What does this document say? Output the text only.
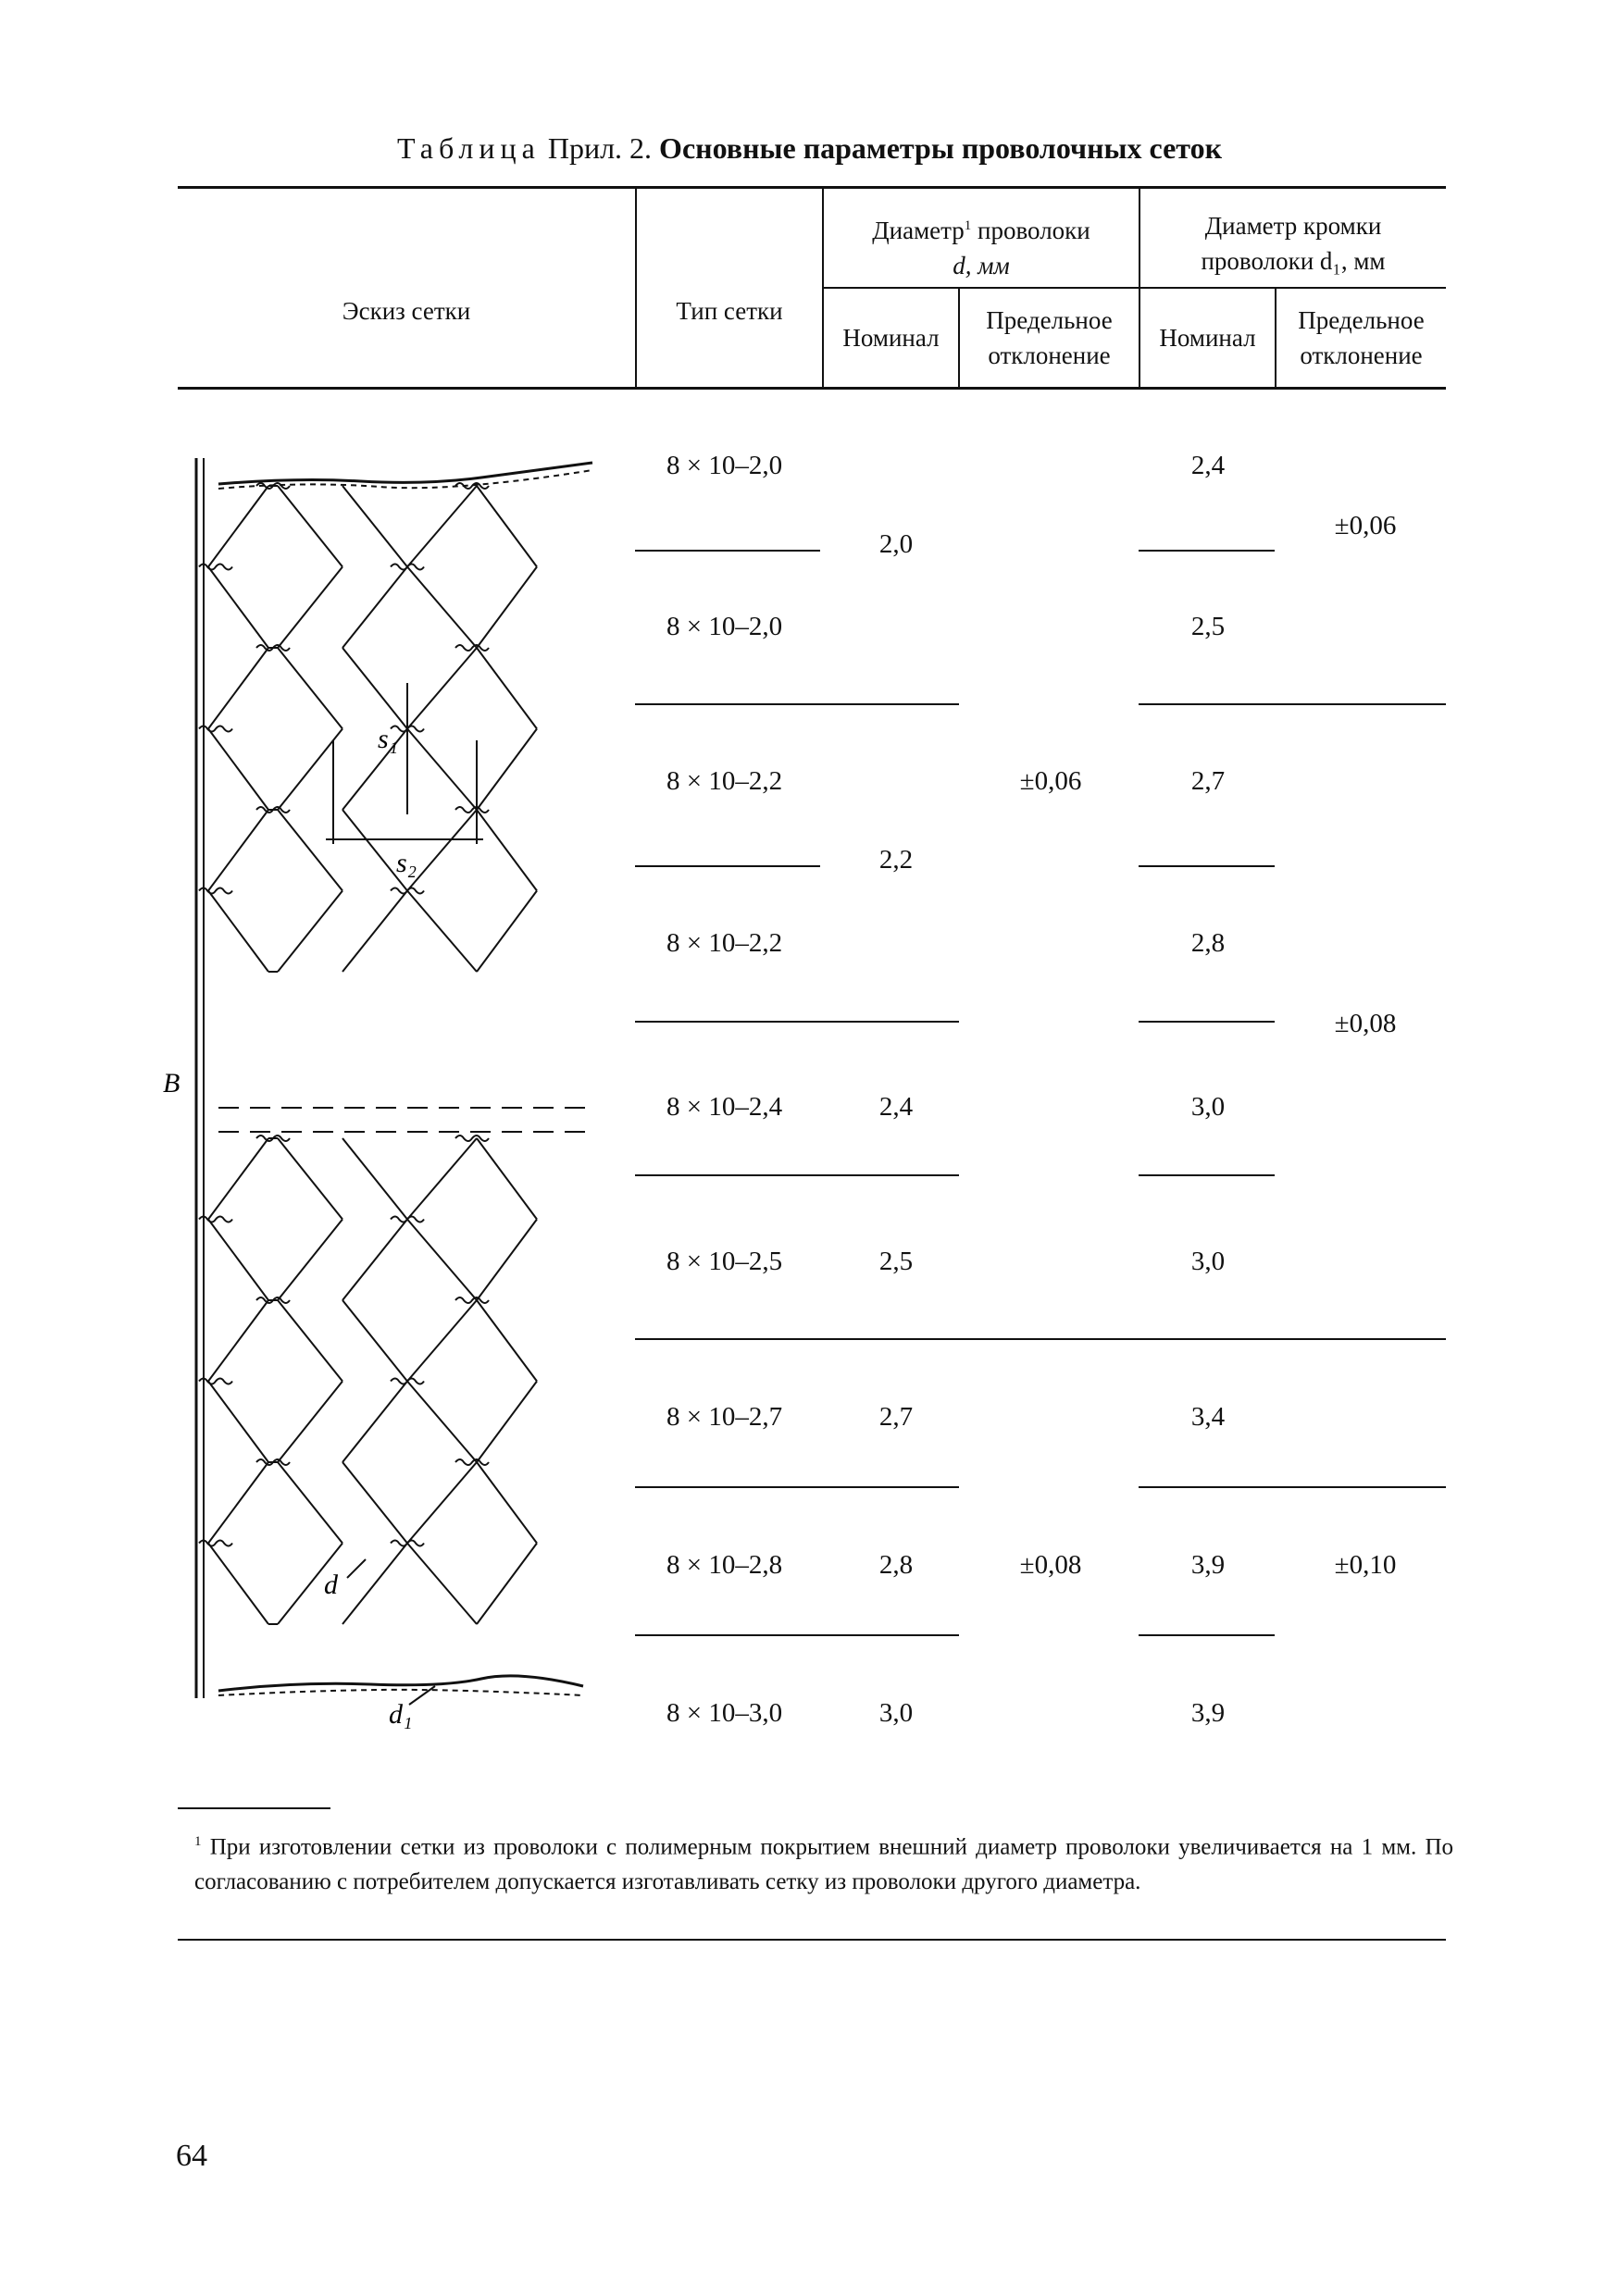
Таблица Прил. 2. Основные параметры проволочных сеток
Эскиз сетки	Тип сетки
Диаметр$^1$ проволоки
d, мм
Диаметр кромки
проволоки d₁, мм
Номинал
Предельное
отклонение
Номинал
Предельное
отклонение
s₁
s₂
B
d
d₁
8 × 10–2,0
8 × 10–2,0
8 × 10–2,2
8 × 10–2,2
8 × 10–2,4
8 × 10–2,5
8 × 10–2,7
8 × 10–2,8
8 × 10–3,0
2,0
2,2
2,4
2,5
2,7
2,8
3,0
±0,06
±0,08
2,4
2,5
2,7
2,8
3,0
3,0
3,4
3,9
3,9
±0,06
±0,08
±0,10
$^1$ При изготовлении сетки из проволоки с полимерным покрытием внешний диаметр проволоки увеличивается на 1 мм. По согласованию с потребителем допускается изготавливать сетку из проволоки другого диаметра.
64
